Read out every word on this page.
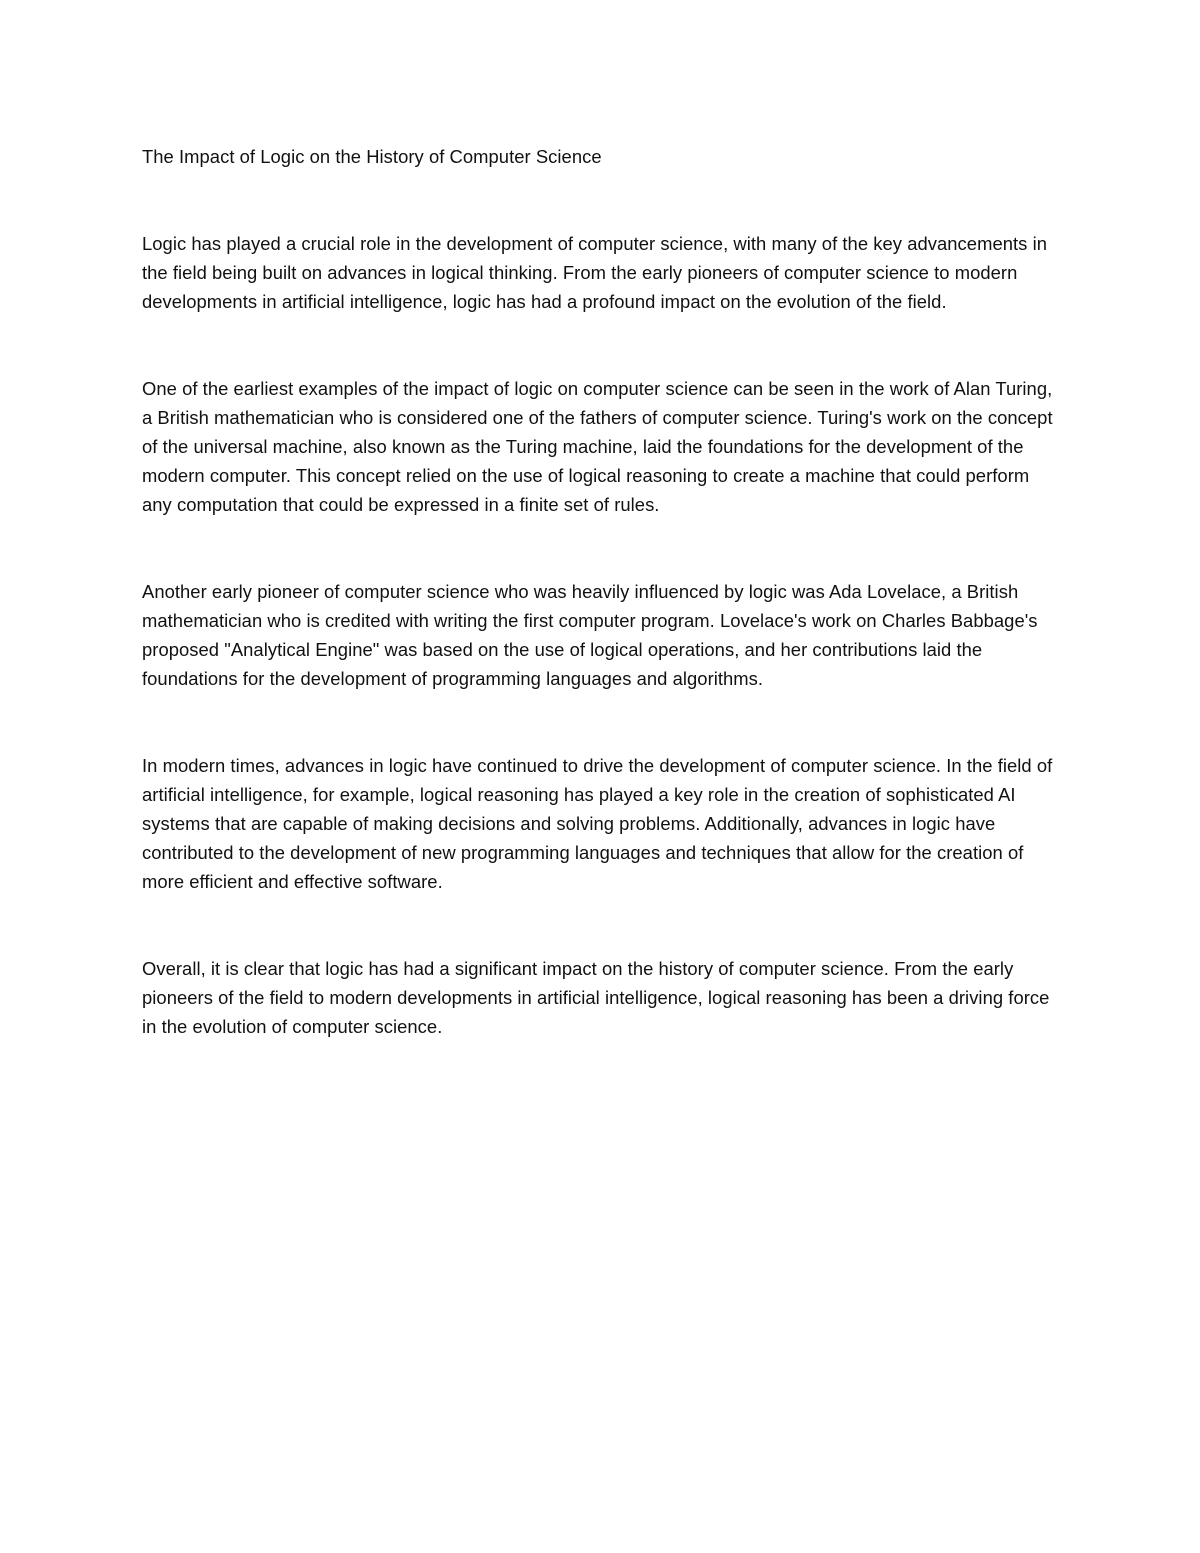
The Impact of Logic on the History of Computer Science

Logic has played a crucial role in the development of computer science, with many of the key advancements in the field being built on advances in logical thinking. From the early pioneers of computer science to modern developments in artificial intelligence, logic has had a profound impact on the evolution of the field.

One of the earliest examples of the impact of logic on computer science can be seen in the work of Alan Turing, a British mathematician who is considered one of the fathers of computer science. Turing's work on the concept of the universal machine, also known as the Turing machine, laid the foundations for the development of the modern computer. This concept relied on the use of logical reasoning to create a machine that could perform any computation that could be expressed in a finite set of rules.

Another early pioneer of computer science who was heavily influenced by logic was Ada Lovelace, a British mathematician who is credited with writing the first computer program. Lovelace's work on Charles Babbage's proposed "Analytical Engine" was based on the use of logical operations, and her contributions laid the foundations for the development of programming languages and algorithms.

In modern times, advances in logic have continued to drive the development of computer science. In the field of artificial intelligence, for example, logical reasoning has played a key role in the creation of sophisticated AI systems that are capable of making decisions and solving problems. Additionally, advances in logic have contributed to the development of new programming languages and techniques that allow for the creation of more efficient and effective software.

Overall, it is clear that logic has had a significant impact on the history of computer science. From the early pioneers of the field to modern developments in artificial intelligence, logical reasoning has been a driving force in the evolution of computer science.
